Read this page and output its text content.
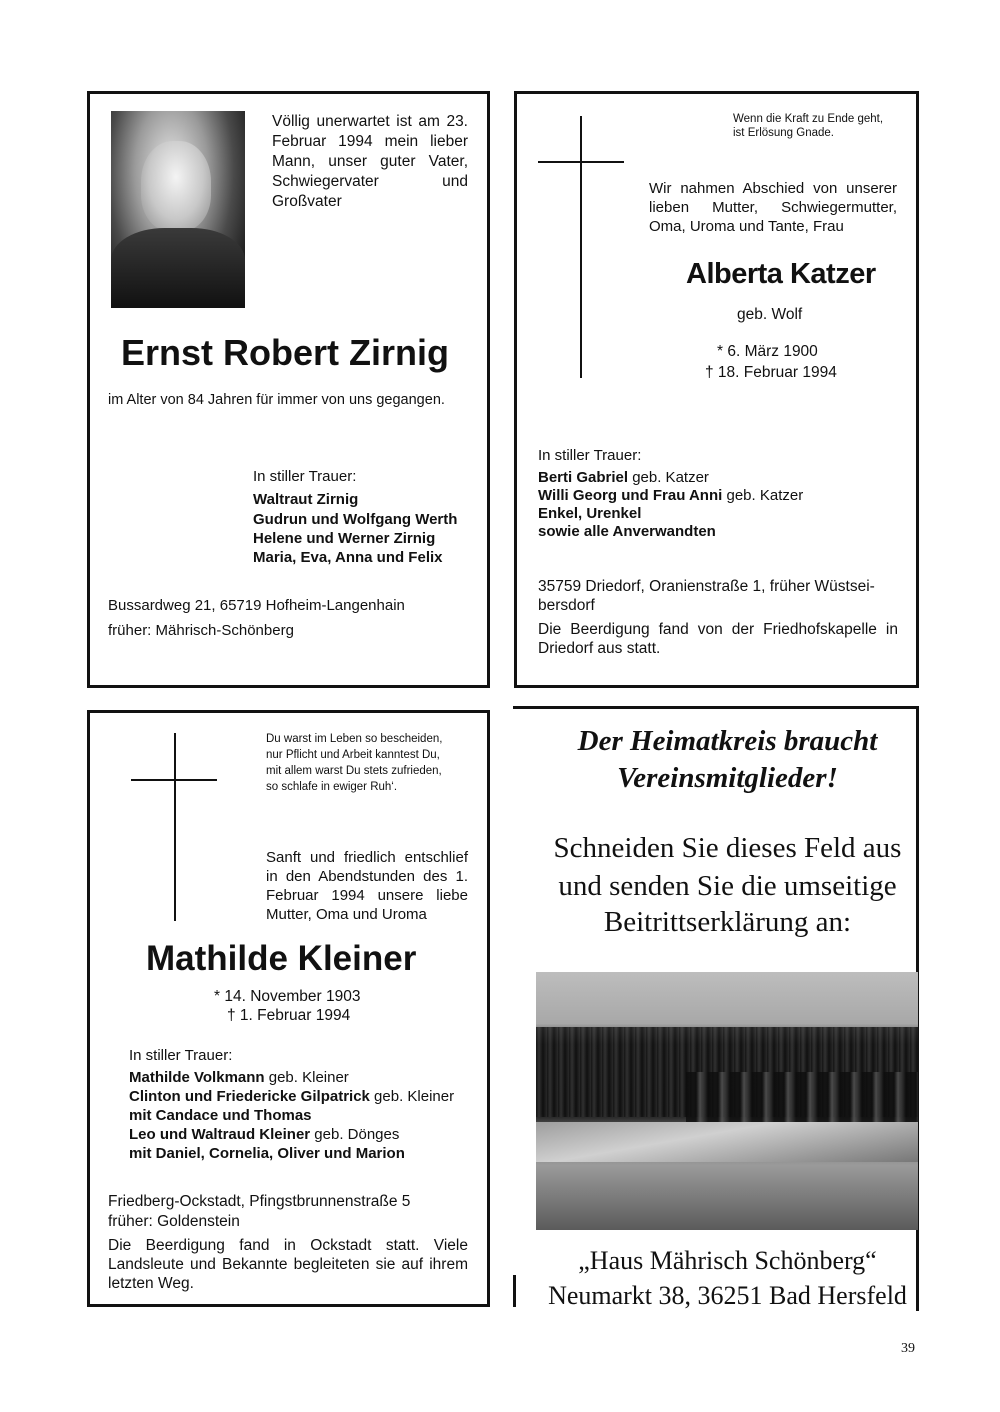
Völlig unerwartet ist am 23. Februar 1994 mein lieber Mann, unser guter Vater, Schwiegervater und Großvater
Ernst Robert Zirnig
im Alter von 84 Jahren für immer von uns gegangen.
In stiller Trauer:
Waltraut Zirnig
Gudrun und Wolfgang Werth
Helene und Werner Zirnig
Maria, Eva, Anna und Felix
Bussardweg 21, 65719 Hofheim-Langenhain
früher: Mährisch-Schönberg
Wenn die Kraft zu Ende geht,
ist Erlösung Gnade.
Wir nahmen Abschied von unserer lieben Mutter, Schwiegermutter, Oma, Uroma und Tante, Frau
Alberta Katzer
geb. Wolf
* 6. März 1900
† 18. Februar 1994
In stiller Trauer:
Berti Gabriel geb. Katzer
Willi Georg und Frau Anni geb. Katzer
Enkel, Urenkel
sowie alle Anverwandten
35759 Driedorf, Oranienstraße 1, früher Wüstsei-
bersdorf
Die Beerdigung fand von der Friedhofskapelle in Driedorf aus statt.
Du warst im Leben so bescheiden,
nur Pflicht und Arbeit kanntest Du,
mit allem warst Du stets zufrieden,
so schlafe in ewiger Ruh‘.
Sanft und friedlich entschlief in den Abendstunden des 1. Februar 1994 unsere liebe Mutter, Oma und Uroma
Mathilde Kleiner
* 14. November 1903
† 1. Februar 1994
In stiller Trauer:
Mathilde Volkmann geb. Kleiner
Clinton und Friedericke Gilpatrick geb. Kleiner
mit Candace und Thomas
Leo und Waltraud Kleiner geb. Dönges
mit Daniel, Cornelia, Oliver und Marion
Friedberg-Ockstadt, Pfingstbrunnenstraße 5
früher: Goldenstein
Die Beerdigung fand in Ockstadt statt. Viele Landsleute und Bekannte begleiteten sie auf ihrem letzten Weg.
Der Heimatkreis braucht
Vereinsmitglieder!
Schneiden Sie dieses Feld aus
und senden Sie die umseitige
Beitrittserklärung an:
„Haus Mährisch Schönberg“
Neumarkt 38, 36251 Bad Hersfeld
39
